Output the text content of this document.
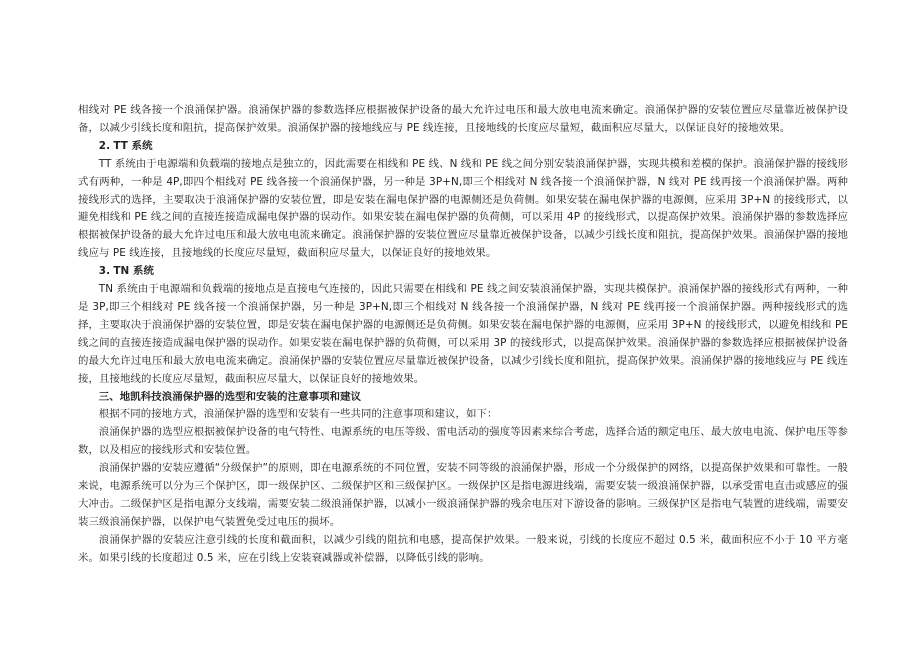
相线对 PE 线各接一个浪涌保护器。浪涌保护器的参数选择应根据被保护设备的最大允许过电压和最大放电电流来确定。浪涌保护器的安装位置应尽量靠近被保护设备，以减少引线长度和阻抗，提高保护效果。浪涌保护器的接地线应与 PE 线连接，且接地线的长度应尽量短，截面积应尽量大，以保证良好的接地效果。

2. TT 系统

TT 系统由于电源端和负载端的接地点是独立的，因此需要在相线和 PE 线、N 线和 PE 线之间分别安装浪涌保护器，实现共模和差模的保护。浪涌保护器的接线形式有两种，一种是 4P,即四个相线对 PE 线各接一个浪涌保护器，另一种是 3P+N,即三个相线对 N 线各接一个浪涌保护器，N 线对 PE 线再接一个浪涌保护器。两种接线形式的选择，主要取决于浪涌保护器的安装位置，即是安装在漏电保护器的电源侧还是负荷侧。如果安装在漏电保护器的电源侧，应采用 3P+N 的接线形式，以避免相线和 PE 线之间的直接连接造成漏电保护器的误动作。如果安装在漏电保护器的负荷侧，可以采用 4P 的接线形式，以提高保护效果。浪涌保护器的参数选择应根据被保护设备的最大允许过电压和最大放电电流来确定。浪涌保护器的安装位置应尽量靠近被保护设备，以减少引线长度和阻抗，提高保护效果。浪涌保护器的接地线应与 PE 线连接，且接地线的长度应尽量短，截面积应尽量大，以保证良好的接地效果。

3. TN 系统

TN 系统由于电源端和负载端的接地点是直接电气连接的，因此只需要在相线和 PE 线之间安装浪涌保护器，实现共模保护。浪涌保护器的接线形式有两种，一种是 3P,即三个相线对 PE 线各接一个浪涌保护器，另一种是 3P+N,即三个相线对 N 线各接一个浪涌保护器，N 线对 PE 线再接一个浪涌保护器。两种接线形式的选择，主要取决于浪涌保护器的安装位置，即是安装在漏电保护器的电源侧还是负荷侧。如果安装在漏电保护器的电源侧，应采用 3P+N 的接线形式，以避免相线和 PE 线之间的直接连接造成漏电保护器的误动作。如果安装在漏电保护器的负荷侧，可以采用 3P 的接线形式，以提高保护效果。浪涌保护器的参数选择应根据被保护设备的最大允许过电压和最大放电电流来确定。浪涌保护器的安装位置应尽量靠近被保护设备，以减少引线长度和阻抗，提高保护效果。浪涌保护器的接地线应与 PE 线连接，且接地线的长度应尽量短，截面积应尽量大，以保证良好的接地效果。

三、地凯科技浪涌保护器的选型和安装的注意事项和建议

根据不同的接地方式，浪涌保护器的选型和安装有一些共同的注意事项和建议，如下：

浪涌保护器的选型应根据被保护设备的电气特性、电源系统的电压等级、雷电活动的强度等因素来综合考虑，选择合适的额定电压、最大放电电流、保护电压等参数，以及相应的接线形式和安装位置。

浪涌保护器的安装应遵循“分级保护”的原则，即在电源系统的不同位置，安装不同等级的浪涌保护器，形成一个分级保护的网络，以提高保护效果和可靠性。一般来说，电源系统可以分为三个保护区，即一级保护区、二级保护区和三级保护区。一级保护区是指电源进线端，需要安装一级浪涌保护器，以承受雷电直击或感应的强大冲击。二级保护区是指电源分支线端，需要安装二级浪涌保护器，以减小一级浪涌保护器的残余电压对下游设备的影响。三级保护区是指电气装置的进线端，需要安装三级浪涌保护器，以保护电气装置免受过电压的损坏。

浪涌保护器的安装应注意引线的长度和截面积，以减少引线的阻抗和电感，提高保护效果。一般来说，引线的长度应不超过 0.5 米，截面积应不小于 10 平方毫米。如果引线的长度超过 0.5 米，应在引线上安装衰减器或补偿器，以降低引线的影响。
